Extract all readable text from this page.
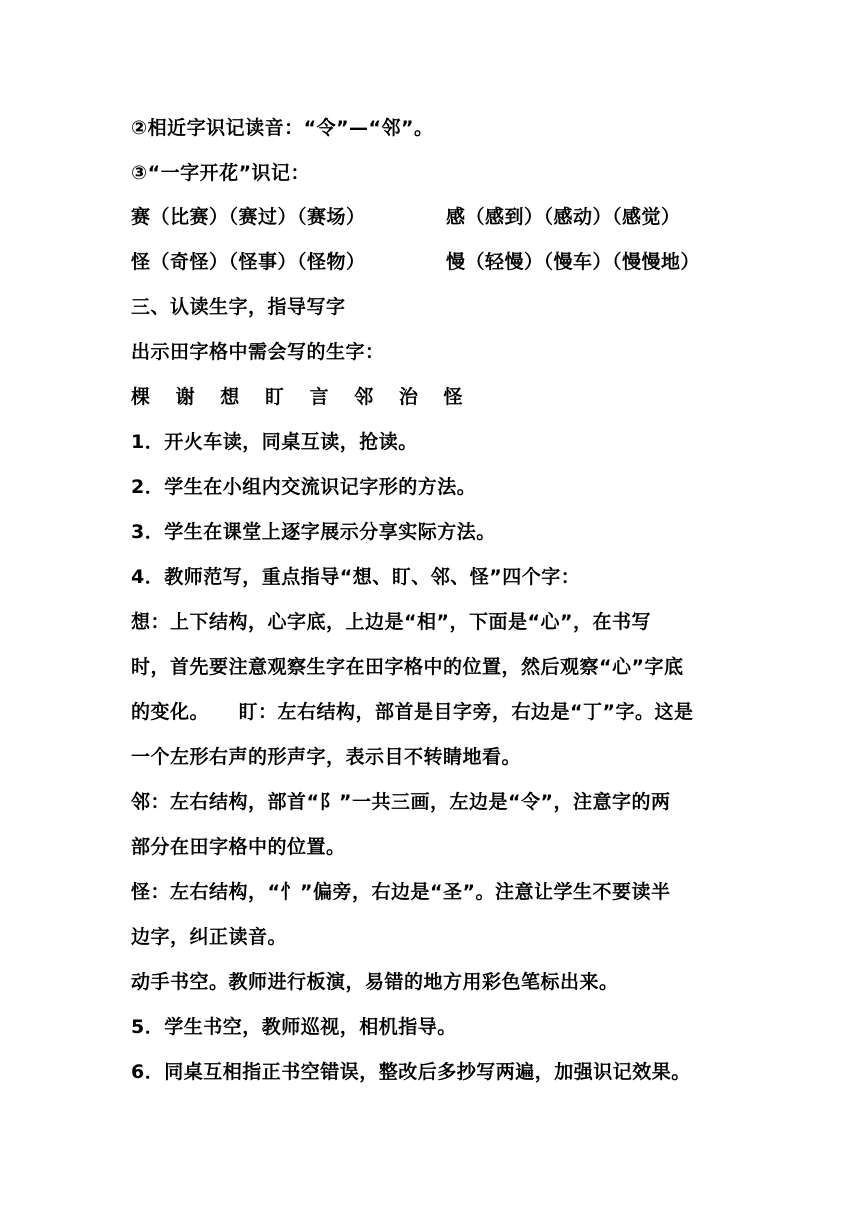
②相近字识记读音：“令”—“邻”。
③“一字开花”识记：
赛（比赛）（赛过）（赛场）	感（感到）（感动）（感觉）
怪（奇怪）（怪事）（怪物）	慢（轻慢）（慢车）（慢慢地）
三、认读生字，指导写字
出示田字格中需会写的生字：
棵 谢 想 盯 言 邻 治 怪
1．开火车读，同桌互读，抢读。
2．学生在小组内交流识记字形的方法。
3．学生在课堂上逐字展示分享实际方法。
4．教师范写，重点指导“想、盯、邻、怪”四个字：
想：上下结构，心字底，上边是“相”，下面是“心”，在书写
时，首先要注意观察生字在田字格中的位置，然后观察“心”字底
的变化。　　盯：左右结构，部首是目字旁，右边是“丁”字。这是
一个左形右声的形声字，表示目不转睛地看。
邻：左右结构，部首“阝”一共三画，左边是“令”，注意字的两
部分在田字格中的位置。
怪：左右结构，“忄”偏旁，右边是“圣”。注意让学生不要读半
边字，纠正读音。
动手书空。教师进行板演，易错的地方用彩色笔标出来。
5．学生书空，教师巡视，相机指导。
6．同桌互相指正书空错误，整改后多抄写两遍，加强识记效果。
